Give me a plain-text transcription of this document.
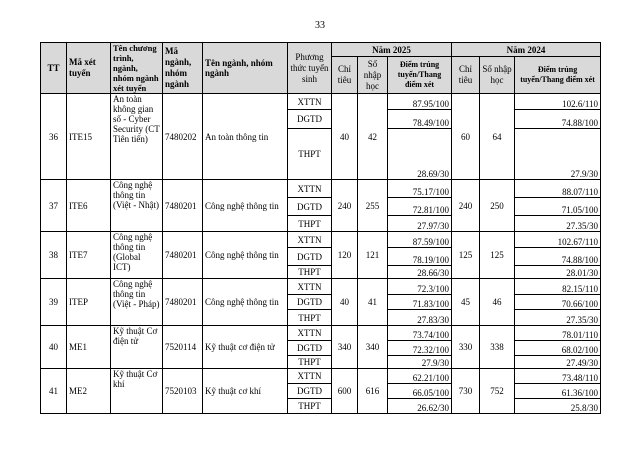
33
TT	Mã xét tuyển	Tên chương trình, ngành, nhóm ngành xét tuyển	Mã ngành, nhóm ngành	Tên ngành, nhóm ngành	Phương thức tuyển sinh	Năm 2025			Năm 2024		
						Chỉ tiêu	Số nhập học	Điểm trúng tuyển/Thang điểm xét	Chỉ tiêu	Số nhập học	Điểm trúng tuyển/Thang điểm xét
36	ITE15	An toàn không gian số - Cyber Security (CT Tiên tiến)	7480202	An toàn thông tin	XTTN	40	42	87.95/100	60	64	102.6/110
					DGTD			78.49/100			74.88/100
					THPT			28.69/30			27.9/30
37	ITE6	Công nghệ thông tin (Việt - Nhật)	7480201	Công nghệ thông tin	XTTN	240	255	75.17/100	240	250	88.07/110
					DGTD			72.81/100			71.05/100
					THPT			27.97/30			27.35/30
38	ITE7	Công nghệ thông tin (Global ICT)	7480201	Công nghệ thông tin	XTTN	120	121	87.59/100	125	125	102.67/110
					DGTD			78.19/100			74.88/100
					THPT			28.66/30			28.01/30
39	ITEP	Công nghệ thông tin (Việt - Pháp)	7480201	Công nghệ thông tin	XTTN	40	41	72.3/100	45	46	82.15/110
					DGTD			71.83/100			70.66/100
					THPT			27.83/30			27.35/30
40	ME1	Kỹ thuật Cơ điện tử	7520114	Kỹ thuật cơ điện tử	XTTN	340	340	73.74/100	330	338	78.01/110
					DGTD			72.32/100			68.02/100
					THPT			27.9/30			27.49/30
41	ME2	Kỹ thuật Cơ khí	7520103	Kỹ thuật cơ khí	XTTN	600	616	62.21/100	730	752	73.48/110
					DGTD			66.05/100			61.36/100
					THPT			26.62/30			25.8/30
